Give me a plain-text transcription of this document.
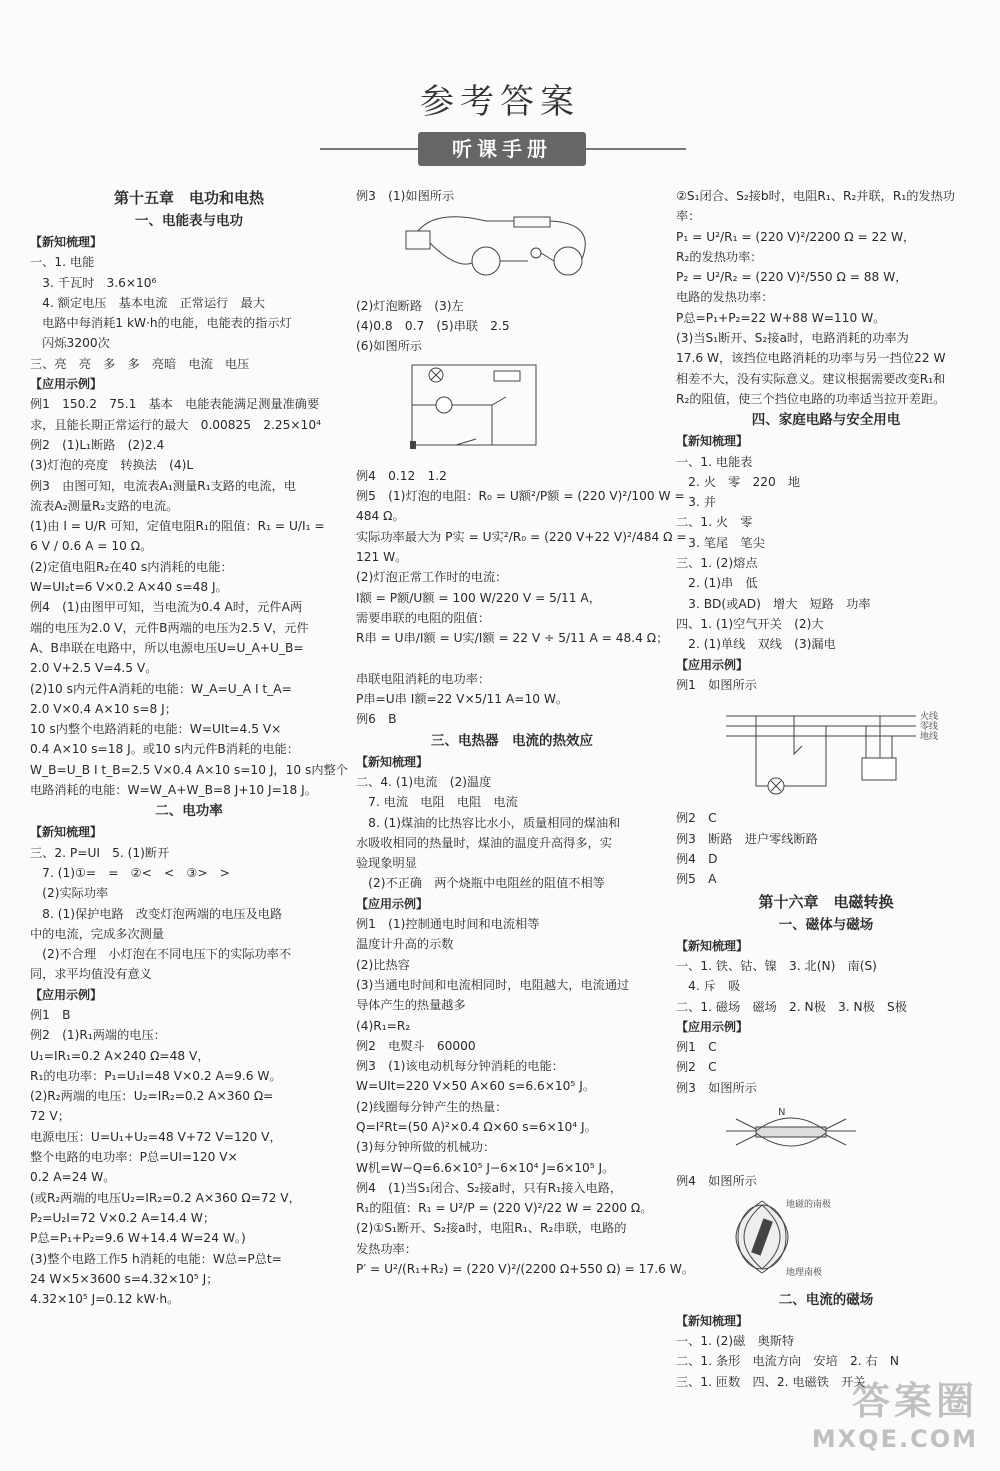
参考答案
听课手册

第十五章　电功和电热

一、电能表与电功

【新知梳理】

一、1. 电能

　3. 千瓦时　3.6×10⁶

　4. 额定电压　基本电流　正常运行　最大

　电路中每消耗1 kW·h的电能，电能表的指示灯

　闪烁3200次

三、亮　亮　多　多　亮暗　电流　电压

【应用示例】

例1　150.2　75.1　基本　电能表能满足测量准确要

求，且能长期正常运行的最大　0.00825　2.25×10⁴

例2　(1)L₁断路　(2)2.4

(3)灯泡的亮度　转换法　(4)L

例3　由图可知，电流表A₁测量R₁支路的电流，电

流表A₂测量R₂支路的电流。

(1)由 I = U/R 可知，定值电阻R₁的阻值：R₁ = U/I₁ =

6 V / 0.6 A = 10 Ω。

(2)定值电阻R₂在40 s内消耗的电能：

W=UI₂t=6 V×0.2 A×40 s=48 J。

例4　(1)由图甲可知，当电流为0.4 A时，元件A两

端的电压为2.0 V，元件B两端的电压为2.5 V，元件

A、B串联在电路中，所以电源电压U=U_A+U_B=

2.0 V+2.5 V=4.5 V。

(2)10 s内元件A消耗的电能：W_A=U_A I t_A=

2.0 V×0.4 A×10 s=8 J；

10 s内整个电路消耗的电能：W=UIt=4.5 V×

0.4 A×10 s=18 J。或10 s内元件B消耗的电能：

W_B=U_B I t_B=2.5 V×0.4 A×10 s=10 J，10 s内整个

电路消耗的电能：W=W_A+W_B=8 J+10 J=18 J。

二、电功率

【新知梳理】

三、2. P=UI　5. (1)断开

　7. (1)①=　=　②<　<　③>　>

　(2)实际功率

　8. (1)保护电路　改变灯泡两端的电压及电路

中的电流，完成多次测量

　(2)不合理　小灯泡在不同电压下的实际功率不

同，求平均值没有意义

【应用示例】

例1　B

例2　(1)R₁两端的电压：

U₁=IR₁=0.2 A×240 Ω=48 V，

R₁的电功率：P₁=U₁I=48 V×0.2 A=9.6 W。

(2)R₂两端的电压：U₂=IR₂=0.2 A×360 Ω=

72 V；

电源电压：U=U₁+U₂=48 V+72 V=120 V，

整个电路的电功率：P总=UI=120 V×

0.2 A=24 W。

(或R₂两端的电压U₂=IR₂=0.2 A×360 Ω=72 V，

P₂=U₂I=72 V×0.2 A=14.4 W；

P总=P₁+P₂=9.6 W+14.4 W=24 W。)

(3)整个电路工作5 h消耗的电能：W总=P总t=

24 W×5×3600 s=4.32×10⁵ J；

4.32×10⁵ J=0.12 kW·h。

例3　(1)如图所示

(2)灯泡断路　(3)左

(4)0.8　0.7　(5)串联　2.5

(6)如图所示

例4　0.12　1.2

例5　(1)灯泡的电阻：R₀ = U额²/P额 = (220 V)²/100 W =

484 Ω。

实际功率最大为 P实 = U实²/R₀ = (220 V+22 V)²/484 Ω =

121 W。

(2)灯泡正常工作时的电流：

I额 = P额/U额 = 100 W/220 V = 5/11 A，

需要串联的电阻的阻值：

R串 = U串/I额 = U实/I额 = 22 V ÷ 5/11 A = 48.4 Ω；

串联电阻消耗的电功率：

P串=U串 I额=22 V×5/11 A=10 W。

例6　B

三、电热器　电流的热效应

【新知梳理】

二、4. (1)电流　(2)温度

　7. 电流　电阻　电阻　电流

　8. (1)煤油的比热容比水小，质量相同的煤油和

水吸收相同的热量时，煤油的温度升高得多，实

验现象明显

　(2)不正确　两个烧瓶中电阻丝的阻值不相等

【应用示例】

例1　(1)控制通电时间和电流相等

温度计升高的示数

(2)比热容

(3)当通电时间和电流相同时，电阻越大，电流通过

导体产生的热量越多

(4)R₁=R₂

例2　电熨斗　60000

例3　(1)该电动机每分钟消耗的电能：

W=UIt=220 V×50 A×60 s=6.6×10⁵ J。

(2)线圈每分钟产生的热量：

Q=I²Rt=(50 A)²×0.4 Ω×60 s=6×10⁴ J。

(3)每分钟所做的机械功：

W机=W−Q=6.6×10⁵ J−6×10⁴ J=6×10⁵ J。

例4　(1)当S₁闭合、S₂接a时，只有R₁接入电路，

R₁的阻值：R₁ = U²/P = (220 V)²/22 W = 2200 Ω。

(2)①S₁断开、S₂接a时，电阻R₁、R₂串联，电路的

发热功率：

P′ = U²/(R₁+R₂) = (220 V)²/(2200 Ω+550 Ω) = 17.6 W。

②S₁闭合、S₂接b时，电阻R₁、R₂并联，R₁的发热功

率：

P₁ = U²/R₁ = (220 V)²/2200 Ω = 22 W，

R₂的发热功率：

P₂ = U²/R₂ = (220 V)²/550 Ω = 88 W，

电路的发热功率：

P总=P₁+P₂=22 W+88 W=110 W。

(3)当S₁断开、S₂接a时，电路消耗的功率为

17.6 W，该挡位电路消耗的功率与另一挡位22 W

相差不大，没有实际意义。建议根据需要改变R₁和

R₂的阻值，使三个挡位电路的功率适当拉开差距。

四、家庭电路与安全用电

【新知梳理】

一、1. 电能表

　2. 火　零　220　地

　3. 并

二、1. 火　零

　3. 笔尾　笔尖

三、1. (2)熔点

　2. (1)串　低

　3. BD(或AD)　增大　短路　功率

四、1. (1)空气开关　(2)大

　2. (1)单线　双线　(3)漏电

【应用示例】

例1　如图所示

火线
零线
地线

例2　C

例3　断路　进户零线断路

例4　D

例5　A

第十六章　电磁转换

一、磁体与磁场

【新知梳理】

一、1. 铁、钴、镍　3. 北(N)　南(S)

　4. 斥　吸

二、1. 磁场　磁场　2. N极　3. N极　S极

【应用示例】

例1　C

例2　C

例3　如图所示

N

例4　如图所示

地磁的南极
地理南极

二、电流的磁场

【新知梳理】

一、1. (2)磁　奥斯特

二、1. 条形　电流方向　安培　2. 右　N

三、1. 匝数　四、2. 电磁铁　开关

答案圈
MXQE.COM
